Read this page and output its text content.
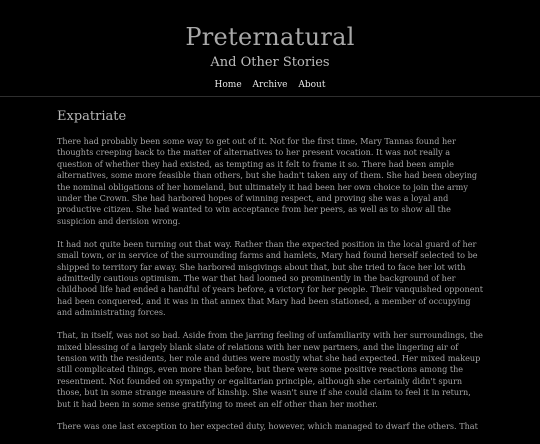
Preternatural
And Other Stories
Home Archive About
Expatriate

There had probably been some way to get out of it. Not for the first time, Mary Tannas found her thoughts creeping back to the matter of alternatives to her present vocation. It was not really a question of whether they had existed, as tempting as it felt to frame it so. There had been ample alternatives, some more feasible than others, but she hadn't taken any of them. She had been obeying the nominal obligations of her homeland, but ultimately it had been her own choice to join the army under the Crown. She had harbored hopes of winning respect, and proving she was a loyal and productive citizen. She had wanted to win acceptance from her peers, as well as to show all the suspicion and derision wrong.

It had not quite been turning out that way. Rather than the expected position in the local guard of her small town, or in service of the surrounding farms and hamlets, Mary had found herself selected to be shipped to territory far away. She harbored misgivings about that, but she tried to face her lot with admittedly cautious optimism. The war that had loomed so prominently in the background of her childhood life had ended a handful of years before, a victory for her people. Their vanquished opponent had been conquered, and it was in that annex that Mary had been stationed, a member of occupying and administrating forces.

That, in itself, was not so bad. Aside from the jarring feeling of unfamiliarity with her surroundings, the mixed blessing of a largely blank slate of relations with her new partners, and the lingering air of tension with the residents, her role and duties were mostly what she had expected. Her mixed makeup still complicated things, even more than before, but there were some positive reactions among the resentment. Not founded on sympathy or egalitarian principle, although she certainly didn't spurn those, but in some strange measure of kinship. She wasn't sure if she could claim to feel it in return, but it had been in some sense gratifying to meet an elf other than her mother.

There was one last exception to her expected duty, however, which managed to dwarf the others. That
